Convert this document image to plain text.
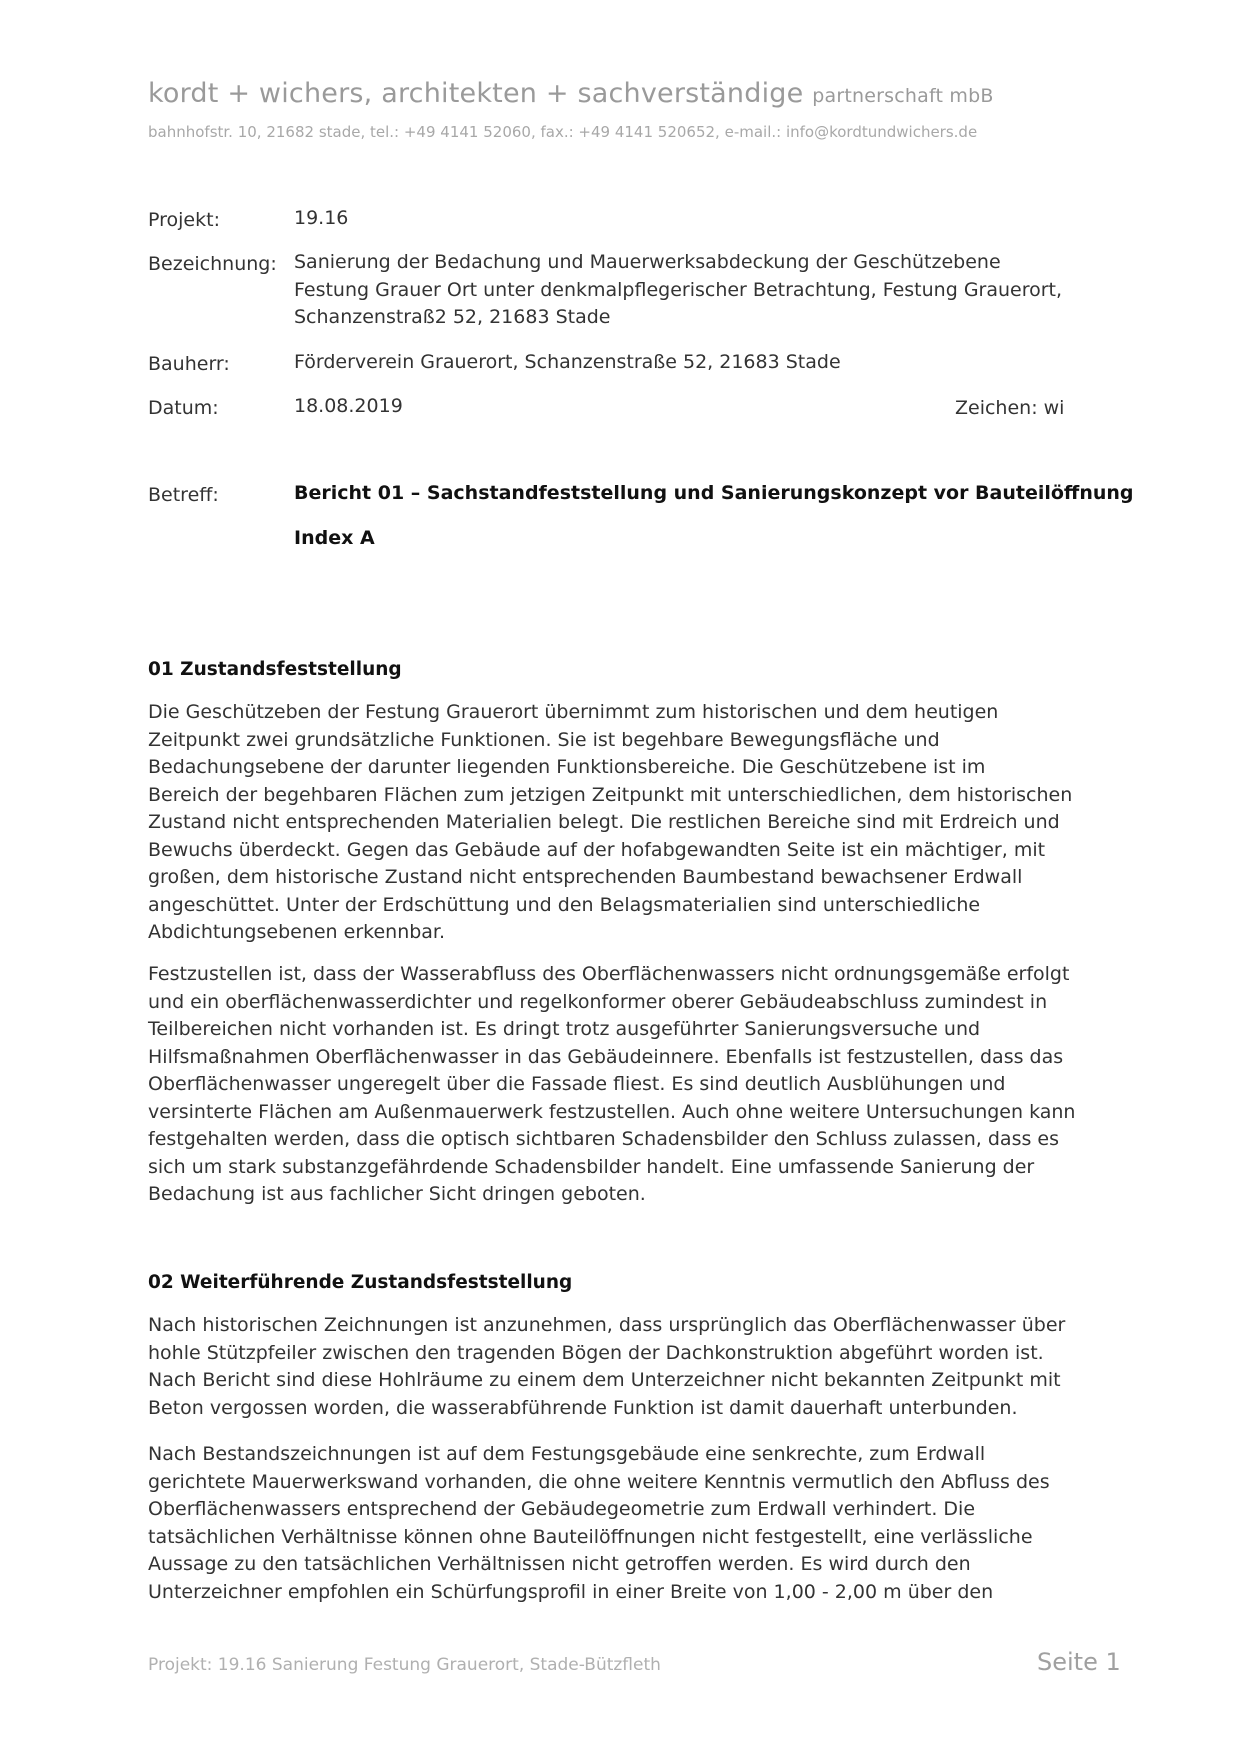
kordt + wichers, architekten + sachverständige partnerschaft mbB
bahnhofstr. 10, 21682 stade, tel.: +49 4141 52060, fax.: +49 4141 520652, e-mail.: info@kordtundwichers.de
Projekt:	19.16
Bezeichnung: Sanierung der Bedachung und Mauerwerksabdeckung der Geschützebene
Festung Grauer Ort unter denkmalpflegerischer Betrachtung, Festung Grauerort,
Schanzenstraß2 52, 21683 Stade
Bauherr:	Förderverein Grauerort, Schanzenstraße 52, 21683 Stade
Datum:	18.08.2019	Zeichen: wi
Betreff:	Bericht 01 – Sachstandfeststellung und Sanierungskonzept vor Bauteilöffnung
Index A
01 Zustandsfeststellung
Die Geschützeben der Festung Grauerort übernimmt zum historischen und dem heutigen
Zeitpunkt zwei grundsätzliche Funktionen. Sie ist begehbare Bewegungsfläche und
Bedachungsebene der darunter liegenden Funktionsbereiche. Die Geschützebene ist im
Bereich der begehbaren Flächen zum jetzigen Zeitpunkt mit unterschiedlichen, dem historischen
Zustand nicht entsprechenden Materialien belegt. Die restlichen Bereiche sind mit Erdreich und
Bewuchs überdeckt. Gegen das Gebäude auf der hofabgewandten Seite ist ein mächtiger, mit
großen, dem historische Zustand nicht entsprechenden Baumbestand bewachsener Erdwall
angeschüttet. Unter der Erdschüttung und den Belagsmaterialien sind unterschiedliche
Abdichtungsebenen erkennbar.
Festzustellen ist, dass der Wasserabfluss des Oberflächenwassers nicht ordnungsgemäße erfolgt
und ein oberflächenwasserdichter und regelkonformer oberer Gebäudeabschluss zumindest in
Teilbereichen nicht vorhanden ist. Es dringt trotz ausgeführter Sanierungsversuche und
Hilfsmaßnahmen Oberflächenwasser in das Gebäudeinnere. Ebenfalls ist festzustellen, dass das
Oberflächenwasser ungeregelt über die Fassade fliest. Es sind deutlich Ausblühungen und
versinterte Flächen am Außenmauerwerk festzustellen. Auch ohne weitere Untersuchungen kann
festgehalten werden, dass die optisch sichtbaren Schadensbilder den Schluss zulassen, dass es
sich um stark substanzgefährdende Schadensbilder handelt. Eine umfassende Sanierung der
Bedachung ist aus fachlicher Sicht dringen geboten.
02 Weiterführende Zustandsfeststellung
Nach historischen Zeichnungen ist anzunehmen, dass ursprünglich das Oberflächenwasser über
hohle Stützpfeiler zwischen den tragenden Bögen der Dachkonstruktion abgeführt worden ist.
Nach Bericht sind diese Hohlräume zu einem dem Unterzeichner nicht bekannten Zeitpunkt mit
Beton vergossen worden, die wasserabführende Funktion ist damit dauerhaft unterbunden.
Nach Bestandszeichnungen ist auf dem Festungsgebäude eine senkrechte, zum Erdwall
gerichtete Mauerwerkswand vorhanden, die ohne weitere Kenntnis vermutlich den Abfluss des
Oberflächenwassers entsprechend der Gebäudegeometrie zum Erdwall verhindert. Die
tatsächlichen Verhältnisse können ohne Bauteilöffnungen nicht festgestellt, eine verlässliche
Aussage zu den tatsächlichen Verhältnissen nicht getroffen werden. Es wird durch den
Unterzeichner empfohlen ein Schürfungsprofil in einer Breite von 1,00 - 2,00 m über den
Projekt: 19.16 Sanierung Festung Grauerort, Stade-Bützfleth	Seite 1
